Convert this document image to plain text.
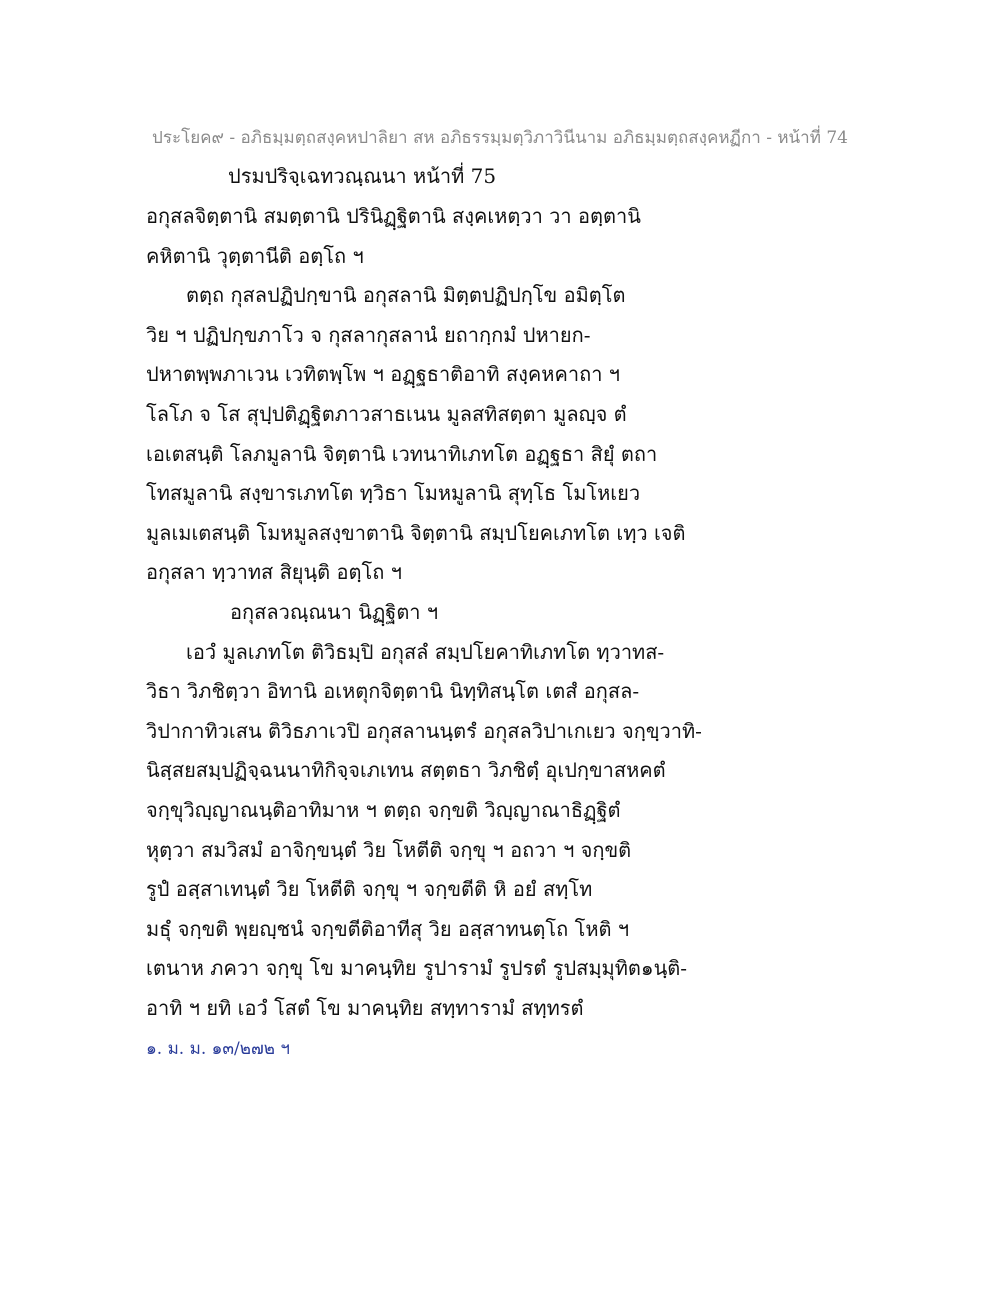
ประโยค๙ - อภิธมฺมตฺถสงฺคหปาลิยา สห อภิธรรมฺมตฺวิภาวินีนาม อภิธมฺมตฺถสงฺคหฏีกา - หน้าที่ 74
ปรมปริจฺเฉทวณฺณนา หน้าที่ 75
อกุสลจิตฺตานิ สมตฺตานิ ปรินิฏฺฐิตานิ สงฺคเหตฺวา วา อตฺตานิ
คหิตานิ วุตฺตานีติ อตฺโถ ฯ
ตตฺถ กุสลปฏิปกฺขานิ อกุสลานิ มิตฺตปฏิปกฺโข อมิตฺโต
วิย ฯ ปฏิปกฺขภาโว จ กุสลากุสลานํ ยถากฺกมํ ปหายก-
ปหาตพฺพภาเวน เวทิตพฺโพ ฯ อฏฺฐธาติอาทิ สงฺคหคาถา ฯ
โลโภ จ โส สุปฺปติฏฺฐิตภาวสาธเนน มูลสทิสตฺตา มูลญฺจ ตํ
เอเตสนฺติ โลภมูลานิ จิตฺตานิ เวทนาทิเภทโต อฏฺฐธา สิยุํ ตถา
โทสมูลานิ สงฺขารเภทโต ทฺวิธา โมหมูลานิ สุทฺโธ โมโหเยว
มูลเมเตสนฺติ โมหมูลสงฺขาตานิ จิตฺตานิ สมฺปโยคเภทโต เทฺว เจติ
อกุสลา ทฺวาทส สิยุนฺติ อตฺโถ ฯ
อกุสลวณฺณนา นิฏฺฐิตา ฯ
เอวํ มูลเภทโต ติวิธมฺปิ อกุสลํ สมฺปโยคาทิเภทโต ทฺวาทส-
วิธา วิภชิตฺวา อิทานิ อเหตุกจิตฺตานิ นิทฺทิสนฺโต เตสํ อกุสล-
วิปากาทิวเสน ติวิธภาเวปิ อกุสลานนฺตรํ อกุสลวิปาเกเยว จกฺขฺวาทิ-
นิสฺสยสมฺปฏิจฺฉนนาทิกิจฺจเภเทน สตฺตธา วิภชิตฺํ อุเปกฺขาสหคตํ
จกฺขุวิญฺญาณนฺติอาทิมาห ฯ ตตฺถ จกฺขติ วิญฺญาณาธิฏฺฐิตํ
หุตฺวา สมวิสมํ อาจิกฺขนฺตํ วิย โหตีติ จกฺขุ ฯ อถวา ฯ จกฺขติ
รูปํ อสฺสาเทนฺตํ วิย โหตีติ จกฺขุ ฯ จกฺขตีติ หิ อยํ สทฺโท
มธุํ จกฺขติ พฺยญฺชนํ จกฺขตีติอาทีสุ วิย อสฺสาทนตฺโถ โหติ ฯ
เตนาห ภควา จกฺขุ โข มาคนฺทิย รูปารามํ รูปรตํ รูปสมฺมุทิต๑นฺติ-
อาทิ ฯ ยทิ เอวํ โสตํ โข มาคนฺทิย สทฺทารามํ สทฺทรตํ
๑. ม. ม. ๑๓/๒๗๒ ฯ
